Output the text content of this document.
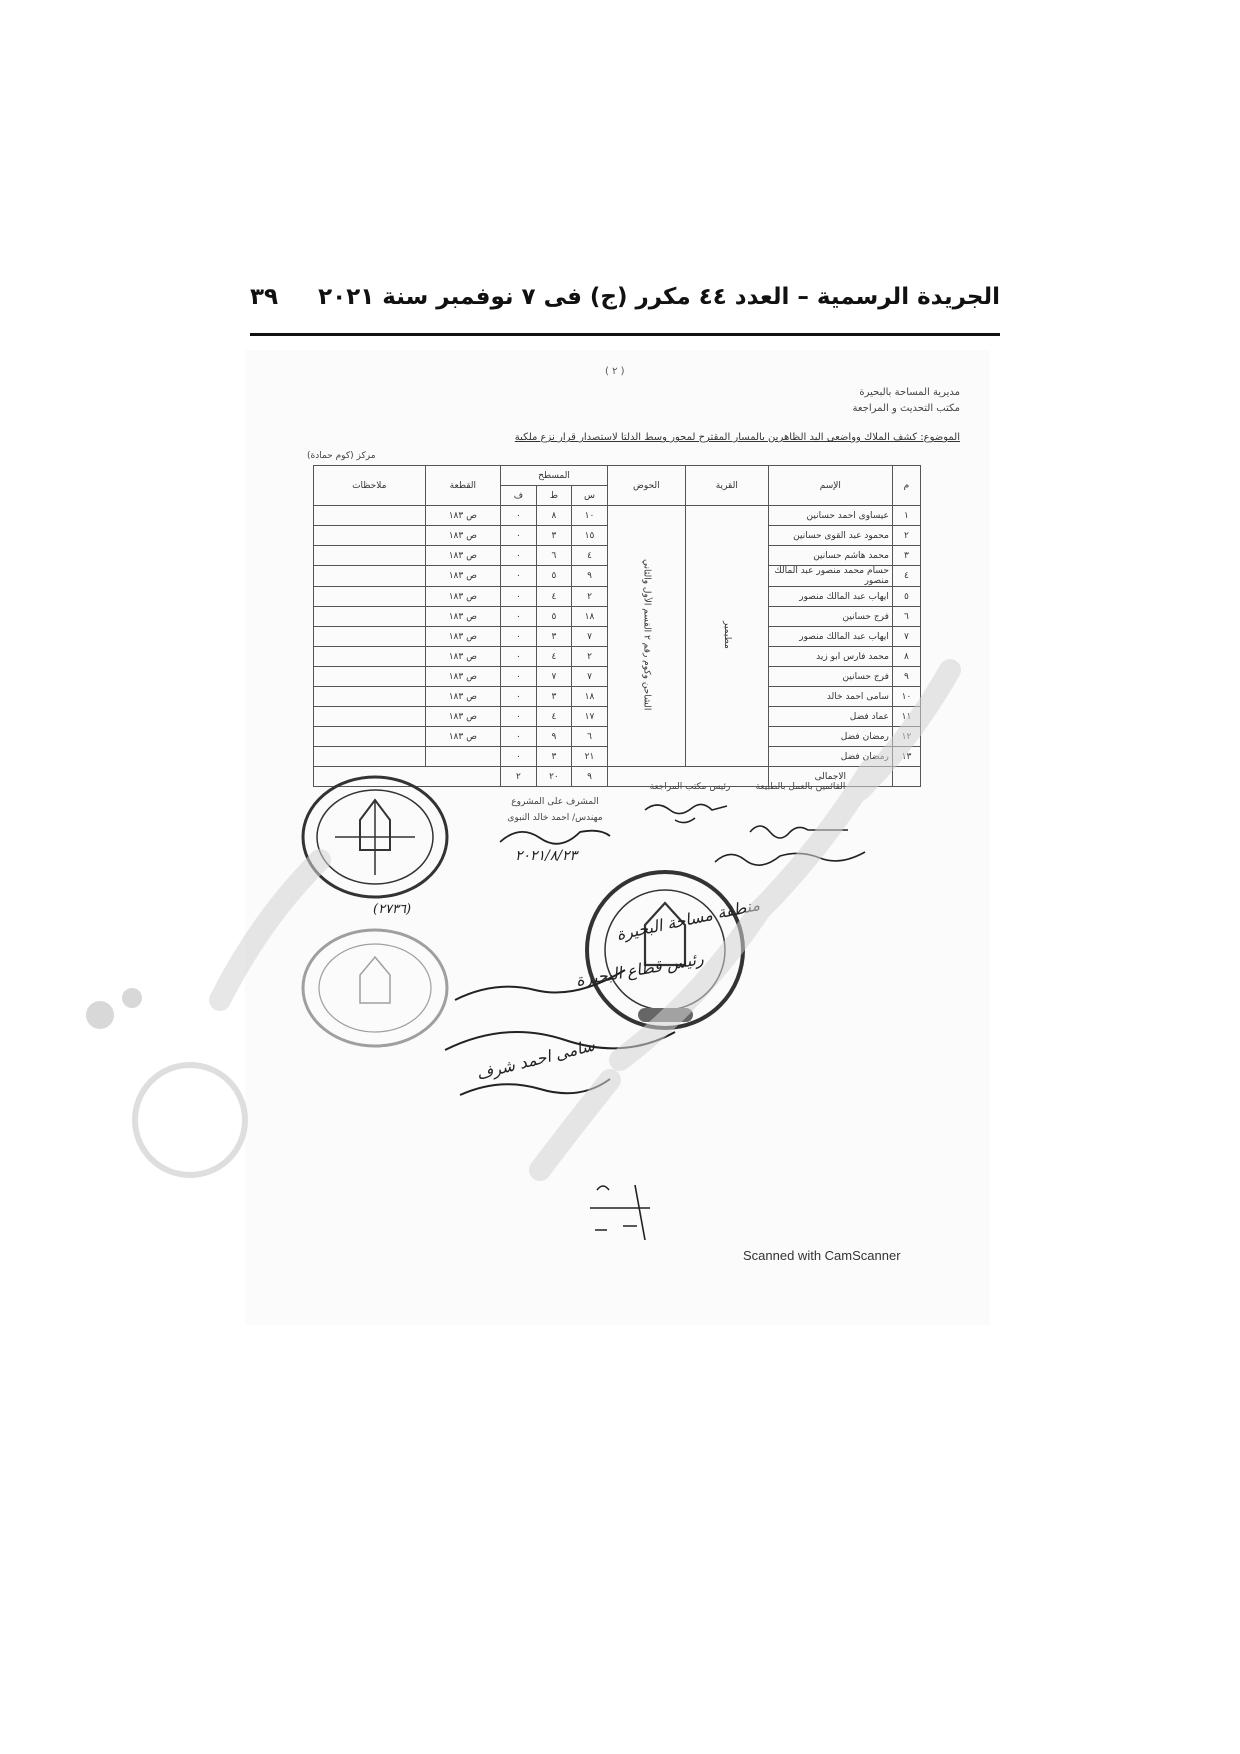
الجريدة الرسمية – العدد ٤٤ مكرر (ج) فى ٧ نوفمبر سنة ٢٠٢١
٣٩
( ٢ )
مديرية المساحة بالبحيرة
مكتب التحديث و المراجعة
الموضوع: كشف الملاك وواضعى اليد الظاهرين بالمسار المقترح لمحور وسط الدلتا لاستصدار قرار نزع ملكية
مركز (كوم حمادة)
م	الإسم	القرية	الحوض	المسطح			القطعة	ملاحظات
				س	ط	ف		
١	عيساوى احمد حسانين	مطيمير	الشاحن وكوم رقم ٢ القسم الأول والثاني	١٠	٨	٠	ص ١٨٣	
٢	محمود عبد القوى حسانين			١٥	٣	٠	ص ١٨٣	
٣	محمد هاشم حسانين			٤	٦	٠	ص ١٨٣	
٤	حسام محمد منصور عبد المالك منصور			٩	٥	٠	ص ١٨٣	
٥	ايهاب عبد المالك منصور			٢	٤	٠	ص ١٨٣	
٦	فرج حسانين			١٨	٥	٠	ص ١٨٣	
٧	ايهاب عبد المالك منصور			٧	٣	٠	ص ١٨٣	
٨	محمد فارس ابو زيد			٢	٤	٠	ص ١٨٣	
٩	فرج حسانين			٧	٧	٠	ص ١٨٣	
١٠	سامى احمد خالد			١٨	٣	٠	ص ١٨٣	
١١	عماد فضل			١٧	٤	٠	ص ١٨٣	
١٢	رمضان فضل			٦	٩	٠	ص ١٨٣	
١٣	رمضان فضل			٢١	٣	٠		
	الاجمالى			٩	٢٠	٢		
القائمين بالعمل بالطبيعة
رئيس مكتب المراجعة
المشرف على المشروع
مهندس/ احمد خالد النبوى
٢٠٢١/٨/٢٣
(٢٧٣٦)	منطقة مساحة البحيرة
رئيس قطاع البحيرة
سامى احمد شرف
Scanned with CamScanner
